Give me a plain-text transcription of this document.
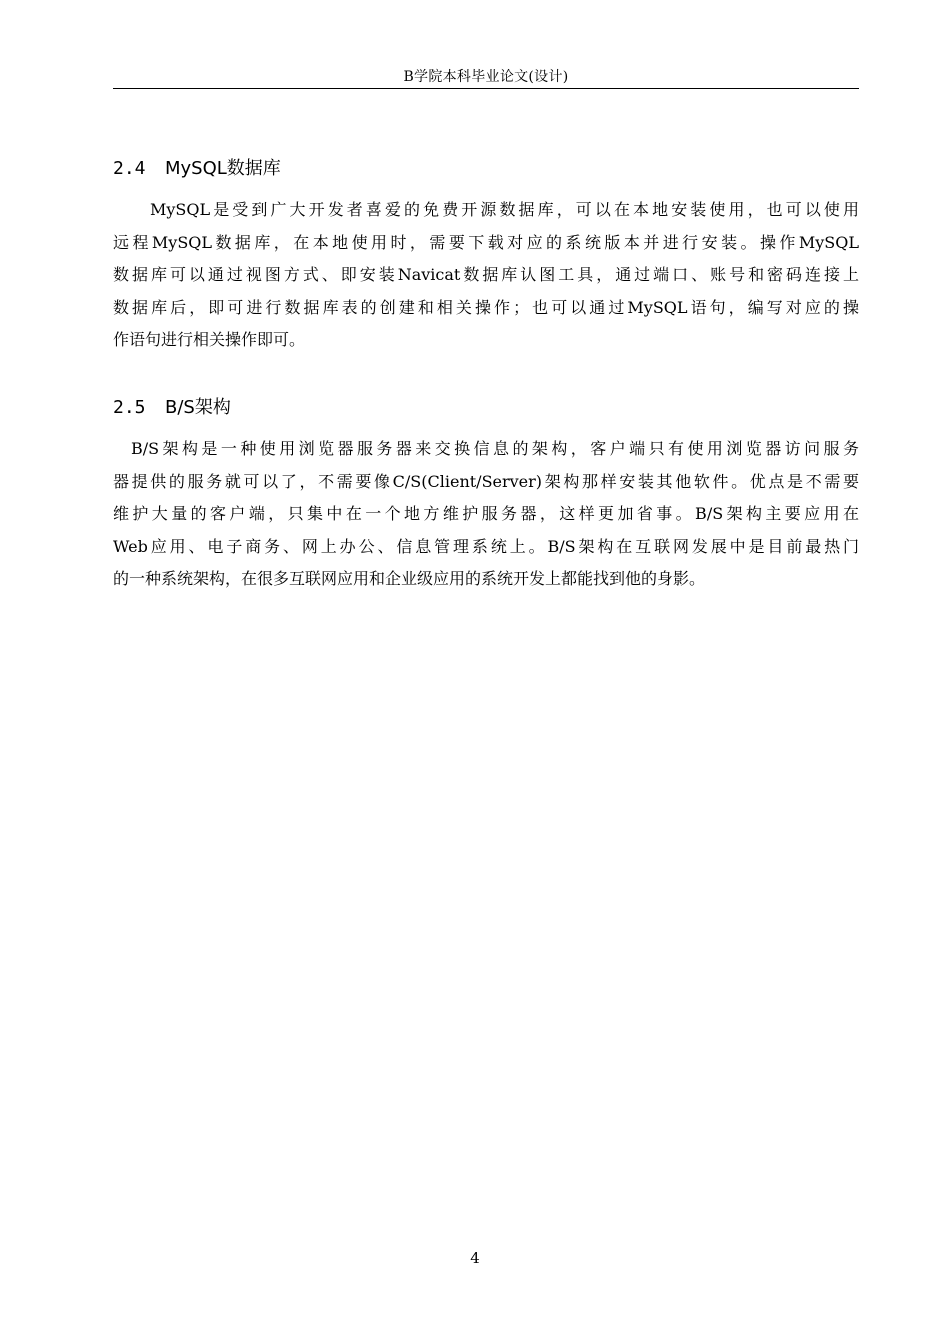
B学院本科毕业论文(设计)
2.4 MySQL数据库
MySQL是受到广大开发者喜爱的免费开源数据库，可以在本地安装使用，也可以使用
远程MySQL数据库，在本地使用时，需要下载对应的系统版本并进行安装。操作MySQL
数据库可以通过视图方式、即安装Navicat数据库认图工具，通过端口、账号和密码连接上
数据库后，即可进行数据库表的创建和相关操作；也可以通过MySQL语句，编写对应的操
作语句进行相关操作即可。
2.5 B/S架构
B/S架构是一种使用浏览器服务器来交换信息的架构，客户端只有使用浏览器访问服务
器提供的服务就可以了，不需要像C/S(Client/Server)架构那样安装其他软件。优点是不需要
维护大量的客户端，只集中在一个地方维护服务器，这样更加省事。B/S架构主要应用在
Web应用、电子商务、网上办公、信息管理系统上。B/S架构在互联网发展中是目前最热门
的一种系统架构，在很多互联网应用和企业级应用的系统开发上都能找到他的身影。
4
